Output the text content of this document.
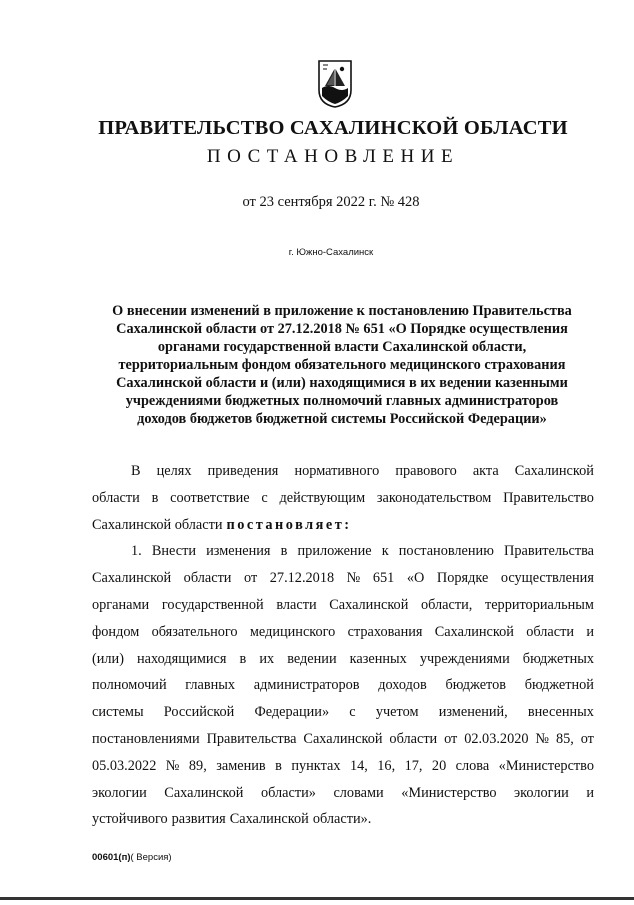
ПРАВИТЕЛЬСТВО САХАЛИНСКОЙ ОБЛАСТИ
ПОСТАНОВЛЕНИЕ
от 23 сентября 2022 г. № 428
г. Южно-Сахалинск
О внесении изменений в приложение к постановлению Правительства
Сахалинской области от 27.12.2018 № 651 «О Порядке осуществления
органами государственной власти Сахалинской области,
территориальным фондом обязательного медицинского страхования
Сахалинской области и (или) находящимися в их ведении казенными
учреждениями бюджетных полномочий главных администраторов
доходов бюджетов бюджетной системы Российской Федерации»
В целях приведения нормативного правового акта Сахалинской
области в соответствие с действующим законодательством Правительство
Сахалинской области постановляет:
1. Внести изменения в приложение к постановлению Правительства
Сахалинской области от 27.12.2018 № 651 «О Порядке осуществления
органами государственной власти Сахалинской области, территориальным
фондом обязательного медицинского страхования Сахалинской области и
(или) находящимися в их ведении казенных учреждениями бюджетных
полномочий главных администраторов доходов бюджетов бюджетной
системы Российской Федерации» с учетом изменений, внесенных
постановлениями Правительства Сахалинской области от 02.03.2020 № 85, от
05.03.2022 № 89, заменив в пунктах 14, 16, 17, 20 слова «Министерство
экологии Сахалинской области» словами «Министерство экологии и
устойчивого развития Сахалинской области».
00601(п)( Версия)
